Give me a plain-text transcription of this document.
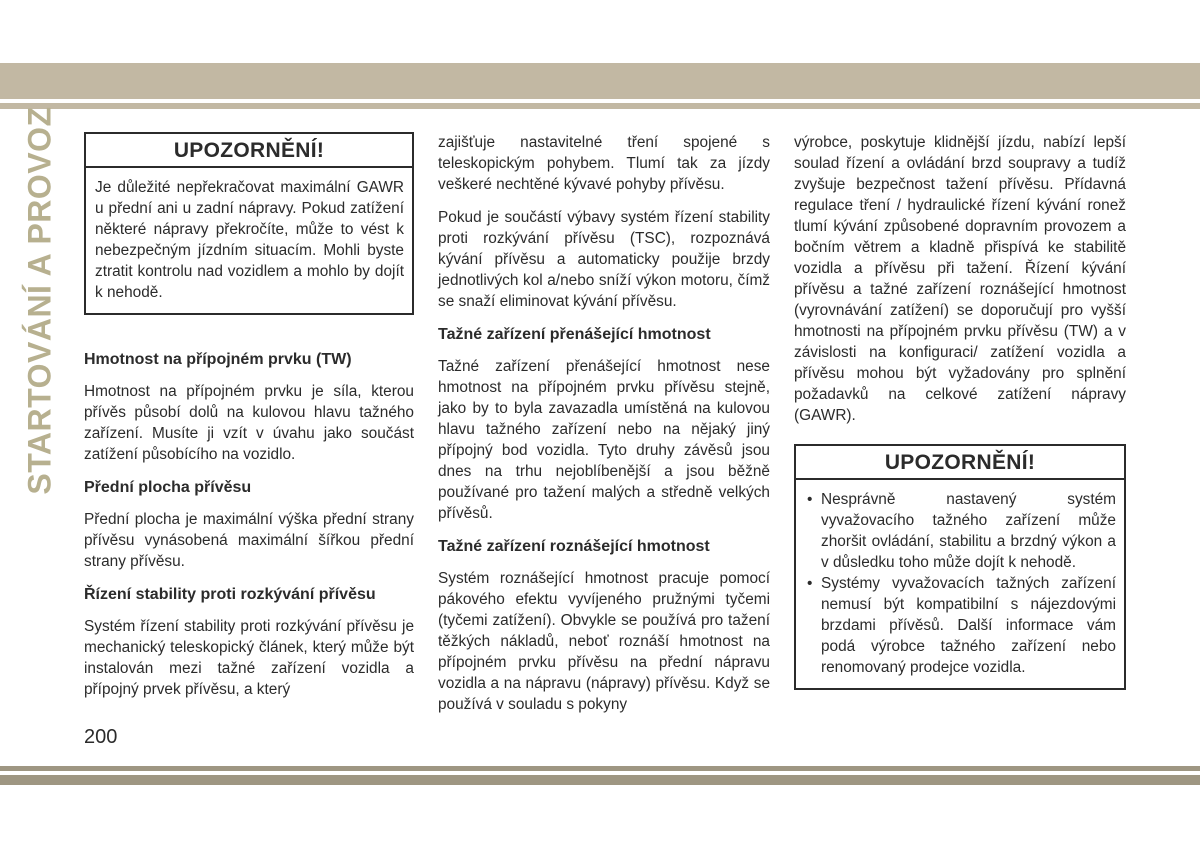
STARTOVÁNÍ A PROVOZ	UPOZORNĚNÍ!

Je důležité nepřekračovat maximální GAWR u přední ani u zadní nápravy. Pokud zatížení některé nápravy překročíte, může to vést k nebezpečným jízdním situacím. Mohli byste ztratit kontrolu nad vozidlem a mohlo by dojít k nehodě.

Hmotnost na přípojném prvku (TW)

Hmotnost na přípojném prvku je síla, kterou přívěs působí dolů na kulovou hlavu tažného zařízení. Musíte ji vzít v úvahu jako součást zatížení působícího na vozidlo.

Přední plocha přívěsu

Přední plocha je maximální výška přední strany přívěsu vynásobená maximální šířkou přední strany přívěsu.

Řízení stability proti rozkývání přívěsu

Systém řízení stability proti rozkývání přívěsu je mechanický teleskopický článek, který může být instalován mezi tažné zařízení vozidla a přípojný prvek přívěsu, a který

zajišťuje nastavitelné tření spojené s teleskopickým pohybem. Tlumí tak za jízdy veškeré nechtěné kývavé pohyby přívěsu.

Pokud je součástí výbavy systém řízení stability proti rozkývání přívěsu (TSC), rozpoznává kývání přívěsu a automaticky použije brzdy jednotlivých kol a/nebo sníží výkon motoru, čímž se snaží eliminovat kývání přívěsu.

Tažné zařízení přenášející hmotnost

Tažné zařízení přenášející hmotnost nese hmotnost na přípojném prvku přívěsu stejně, jako by to byla zavazadla umístěná na kulovou hlavu tažného zařízení nebo na nějaký jiný přípojný bod vozidla. Tyto druhy závěsů jsou dnes na trhu nejoblíbenější a jsou běžně používané pro tažení malých a středně velkých přívěsů.

Tažné zařízení roznášející hmotnost

Systém roznášející hmotnost pracuje pomocí pákového efektu vyvíjeného pružnými tyčemi (tyčemi zatížení). Obvykle se používá pro tažení těžkých nákladů, neboť roznáší hmotnost na přípojném prvku přívěsu na přední nápravu vozidla a na nápravu (nápravy) přívěsu. Když se používá v souladu s pokyny

výrobce, poskytuje klidnější jízdu, nabízí lepší soulad řízení a ovládání brzd soupravy a tudíž zvyšuje bezpečnost tažení přívěsu. Přídavná regulace tření / hydraulické řízení kývání ronež tlumí kývání způsobené dopravním provozem a bočním větrem a kladně přispívá ke stabilitě vozidla a přívěsu při tažení. Řízení kývání přívěsu a tažné zařízení roznášející hmotnost (vyrovnávání zatížení) se doporučují pro vyšší hmotnosti na přípojném prvku přívěsu (TW) a v závislosti na konfiguraci/ zatížení vozidla a přívěsu mohou být vyžadovány pro splnění požadavků na celkové zatížení nápravy (GAWR).

UPOZORNĚNÍ!
• Nesprávně nastavený systém vyvažovacího tažného zařízení může zhoršit ovládání, stabilitu a brzdný výkon a v důsledku toho může dojít k nehodě.
• Systémy vyvažovacích tažných zařízení nemusí být kompatibilní s nájezdovými brzdami přívěsů. Další informace vám podá výrobce tažného zařízení nebo renomovaný prodejce vozidla.
200
